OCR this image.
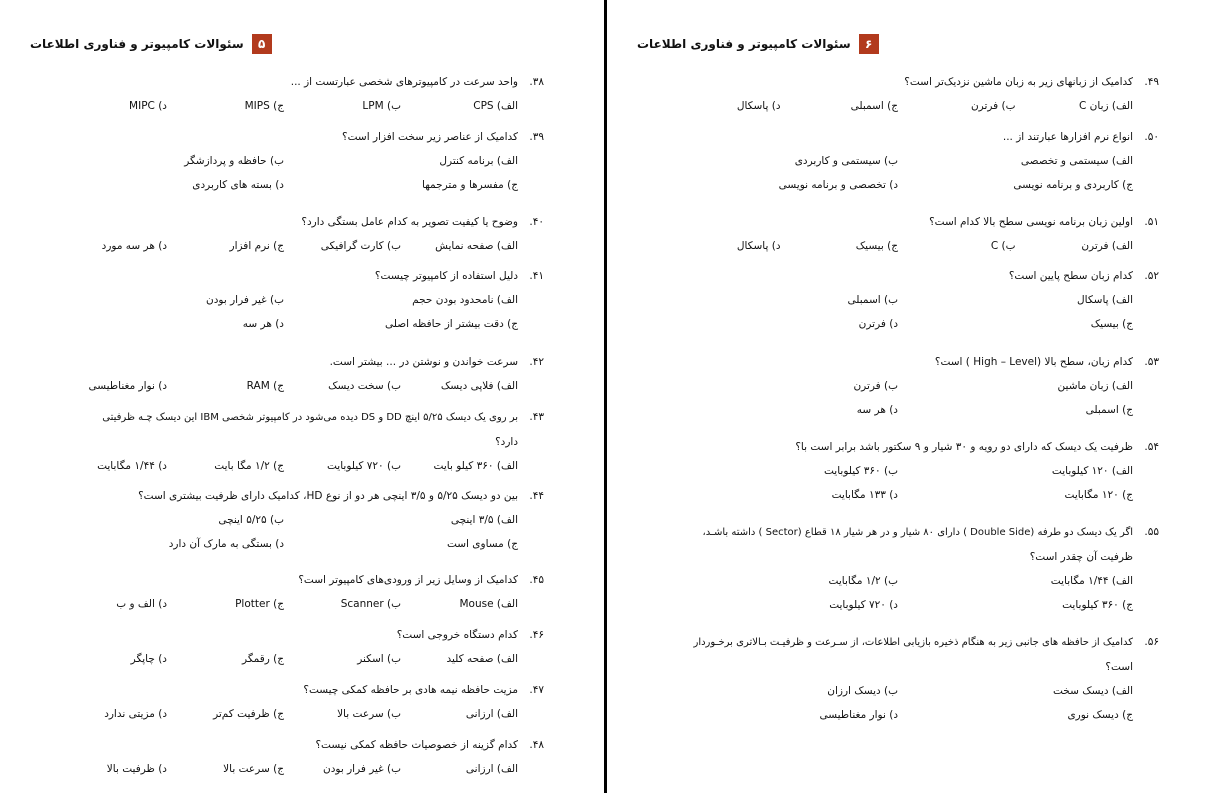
۵
سئوالات کامپیوتر و فناوری اطلاعات
۳۸.
واحد سرعت در کامپیوترهای شخصی عبارتست از ...
الف) CPS
ب) LPM
ج) MIPS
د) MIPC
۳۹.
کدامیک از عناصر زیر سخت افزار است؟
الف) برنامه کنترل
ب) حافظه و پردازشگر
ج) مفسرها و مترجمها
د) بسته های کاربردی
۴۰.
وضوح یا کیفیت تصویر به کدام عامل بستگی دارد؟
الف) صفحه نمایش
ب) کارت گرافیکی
ج) نرم افزار
د) هر سه مورد
۴۱.
دلیل استفاده از کامپیوتر چیست؟
الف) نامحدود بودن حجم
ب) غیر فرار بودن
ج) دقت بیشتر از حافظه اصلی
د) هر سه
۴۲.
سرعت خواندن و نوشتن در ... بیشتر است.
الف) فلاپی دیسک
ب) سخت دیسک
ج) RAM
د) نوار مغناطیسی
۴۳.
بر روی یک دیسک ۵/۲۵ اینچ DD و DS دیده می‌شود در کامپیوتر شخصی IBM این دیسک چـه ظرفیتی
دارد؟
الف) ۳۶۰ کیلو بایت
ب) ۷۲۰ کیلوبایت
ج) ۱/۲ مگا بایت
د) ۱/۴۴ مگابایت
۴۴.
بین دو دیسک ۵/۲۵ و ۳/۵ اینچی هر دو از نوع HD، کدامیک دارای ظرفیت بیشتری است؟
الف) ۳/۵ اینچی
ب) ۵/۲۵ اینچی
ج) مساوی است
د) بستگی به مارک آن دارد
۴۵.
کدامیک از وسایل زیر از ورودی‌های کامپیوتر است؟
الف) Mouse
ب) Scanner
ج) Plotter
د) الف و ب
۴۶.
کدام دستگاه خروجی است؟
الف) صفحه کلید
ب) اسکنر
ج) رقمگر
د) چاپگر
۴۷.
مزیت حافظه نیمه هادی بر حافظه کمکی چیست؟
الف) ارزانی
ب) سرعت بالا
ج) ظرفیت کم‌تر
د) مزیتی ندارد
۴۸.
کدام گزینه از خصوصیات حافظه کمکی نیست؟
الف) ارزانی
ب) غیر فرار بودن
ج) سرعت بالا
د) ظرفیت بالا
۶
سئوالات کامپیوتر و فناوری اطلاعات
۴۹.
کدامیک از زبانهای زیر به زبان ماشین نزدیک‌تر است؟
الف) زبان C
ب) فرترن
ج) اسمبلی
د) پاسکال
۵۰.
انواع نرم افزارها عبارتند از ...
الف) سیستمی و تخصصی
ب) سیستمی و کاربردی
ج) کاربردی و برنامه نویسی
د) تخصصی و برنامه نویسی
۵۱.
اولین زبان برنامه نویسی سطح بالا کدام است؟
الف) فرترن
ب) C
ج) بیسیک
د) پاسکال
۵۲.
کدام زبان سطح پایین است؟
الف) پاسکال
ب) اسمبلی
ج) بیسیک
د) فرترن
۵۳.
کدام زبان، سطح بالا (High – Level ) است؟
الف) زبان ماشین
ب) فرترن
ج) اسمبلی
د) هر سه
۵۴.
ظرفیت یک دیسک که دارای دو رویه و ۳۰ شیار و ۹ سکتور باشد برابر است با؟
الف) ۱۲۰ کیلوبایت
ب) ۳۶۰ کیلوبایت
ج) ۱۲۰ مگابایت
د) ۱۳۳ مگابایت
۵۵.
اگر یک دیسک دو طرفه (Double Side ) دارای ۸۰ شیار و در هر شیار ۱۸ قطاع (Sector ) داشته باشـد،
ظرفیت آن چقدر است؟
الف) ۱/۴۴ مگابایت
ب) ۱/۲ مگابایت
ج) ۳۶۰ کیلوبایت
د) ۷۲۰ کیلوبایت
۵۶.
کدامیک از حافظه های جانبی زیر به هنگام ذخیره بازیابی اطلاعات، از سـرعت و ظرفیـت بـالاتری برخـوردار
است؟
الف) دیسک سخت
ب) دیسک ارزان
ج) دیسک نوری
د) نوار مغناطیسی
